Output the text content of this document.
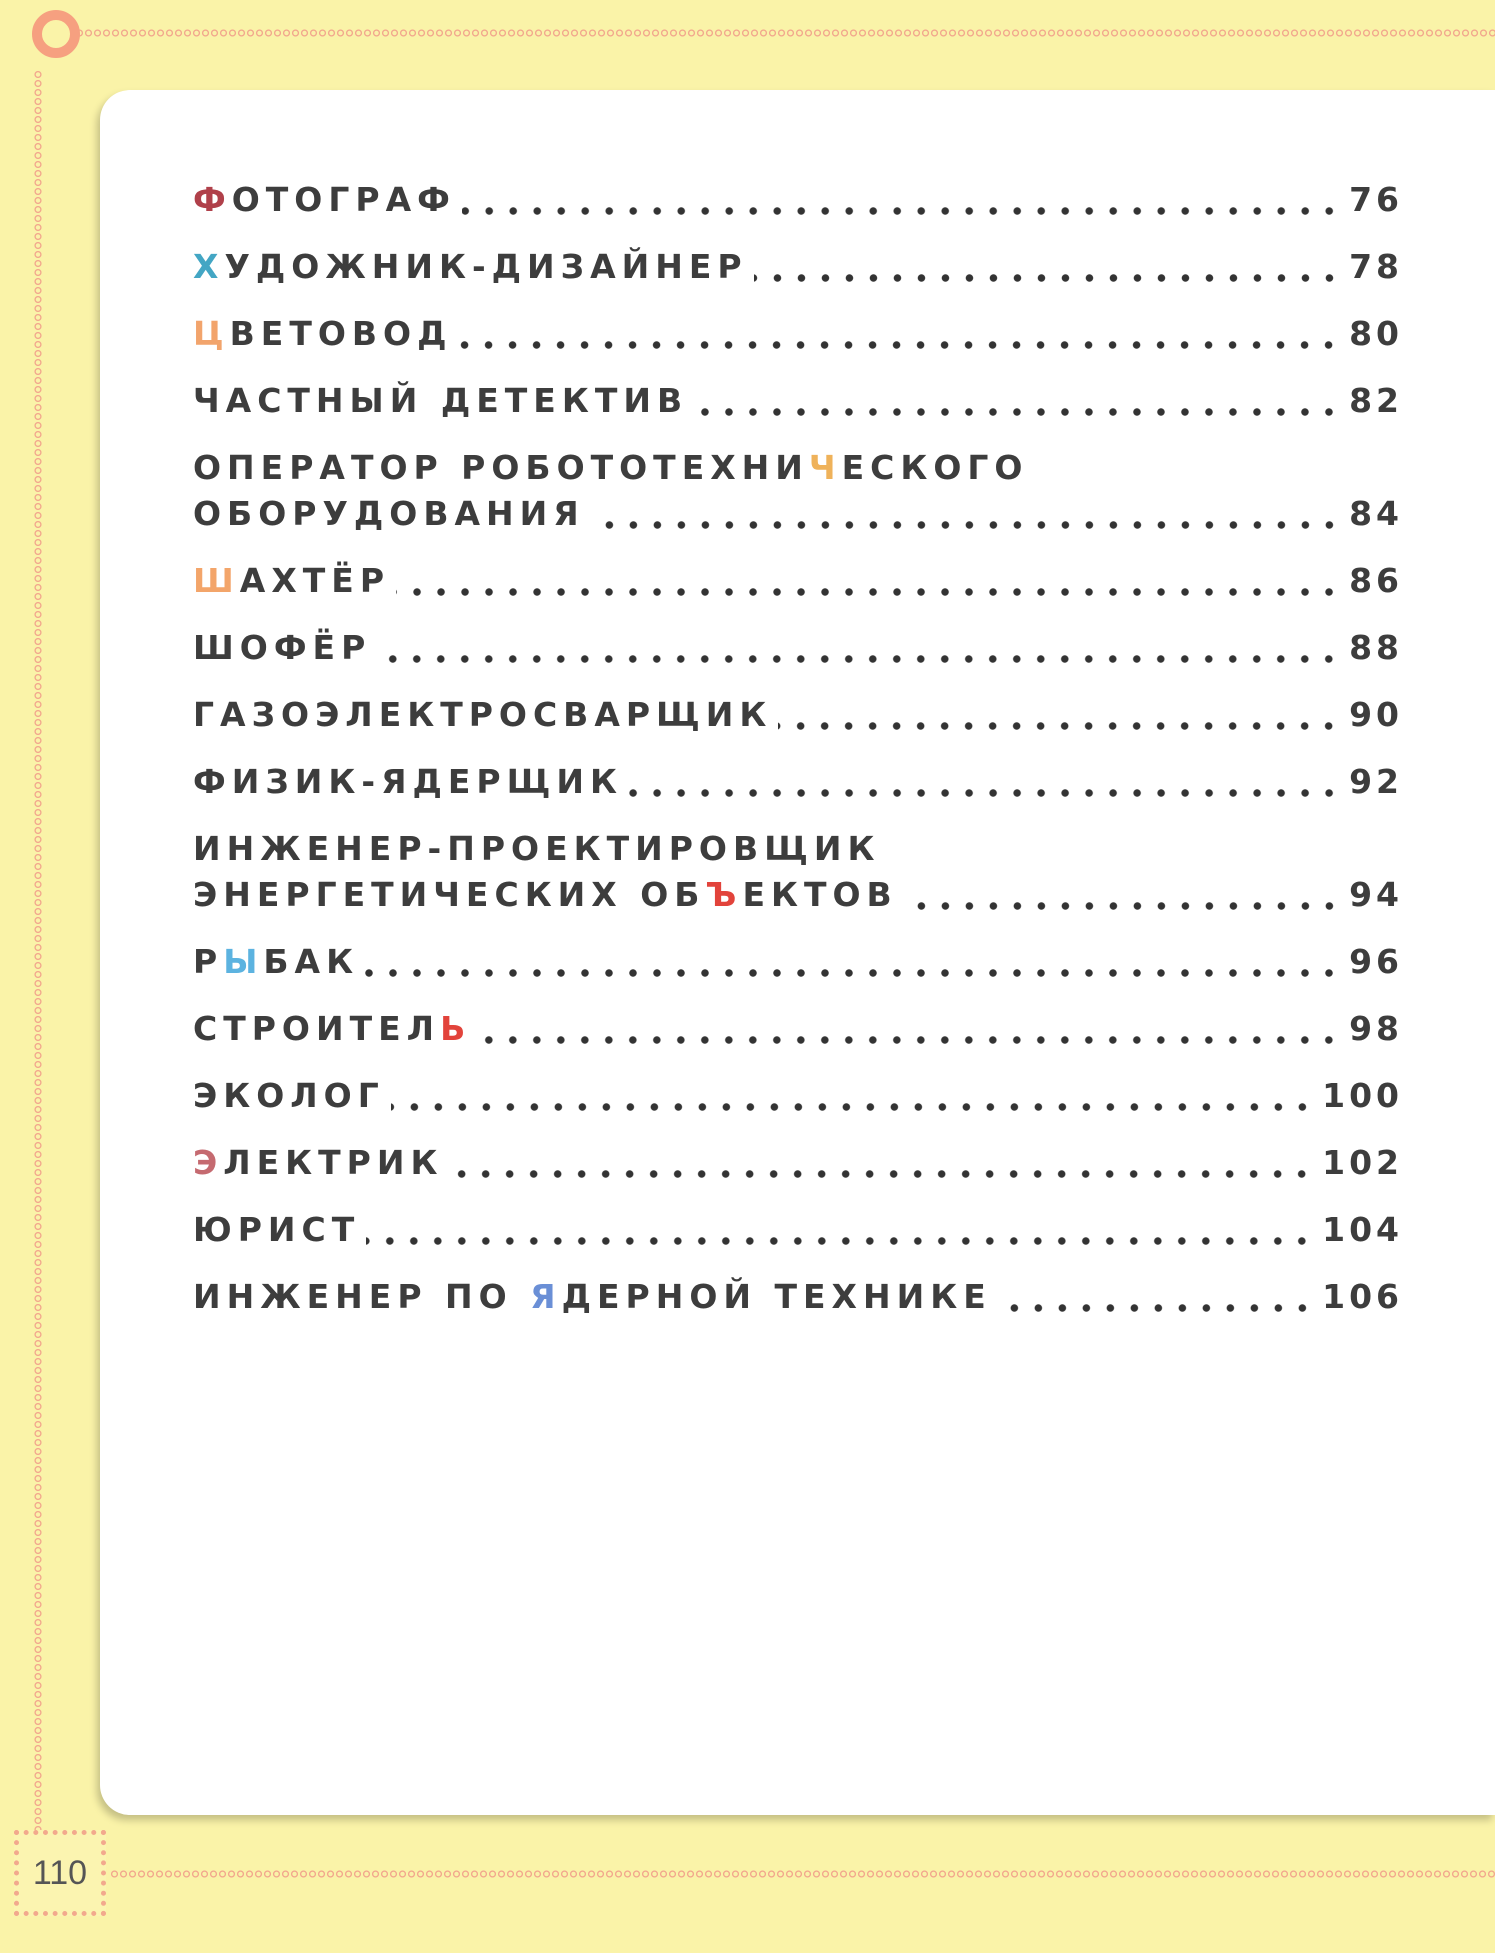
ФОТОГРАФ	76
ХУДОЖНИК-ДИЗАЙНЕР	78
ЦВЕТОВОД	80
ЧАСТНЫЙ ДЕТЕКТИВ	82
ОПЕРАТОР РОБОТОТЕХНИЧЕСКОГО
ОБОРУДОВАНИЯ	84
ШАХТЁР	86
ШОФЁР	88
ГАЗОЭЛЕКТРОСВАРЩИК	90
ФИЗИК-ЯДЕРЩИК	92
ИНЖЕНЕР-ПРОЕКТИРОВЩИК
ЭНЕРГЕТИЧЕСКИХ ОБЪЕКТОВ	94
РЫБАК	96
СТРОИТЕЛЬ	98
ЭКОЛОГ	100
ЭЛЕКТРИК	102
ЮРИСТ	104
ИНЖЕНЕР ПО ЯДЕРНОЙ ТЕХНИКЕ	106
110
